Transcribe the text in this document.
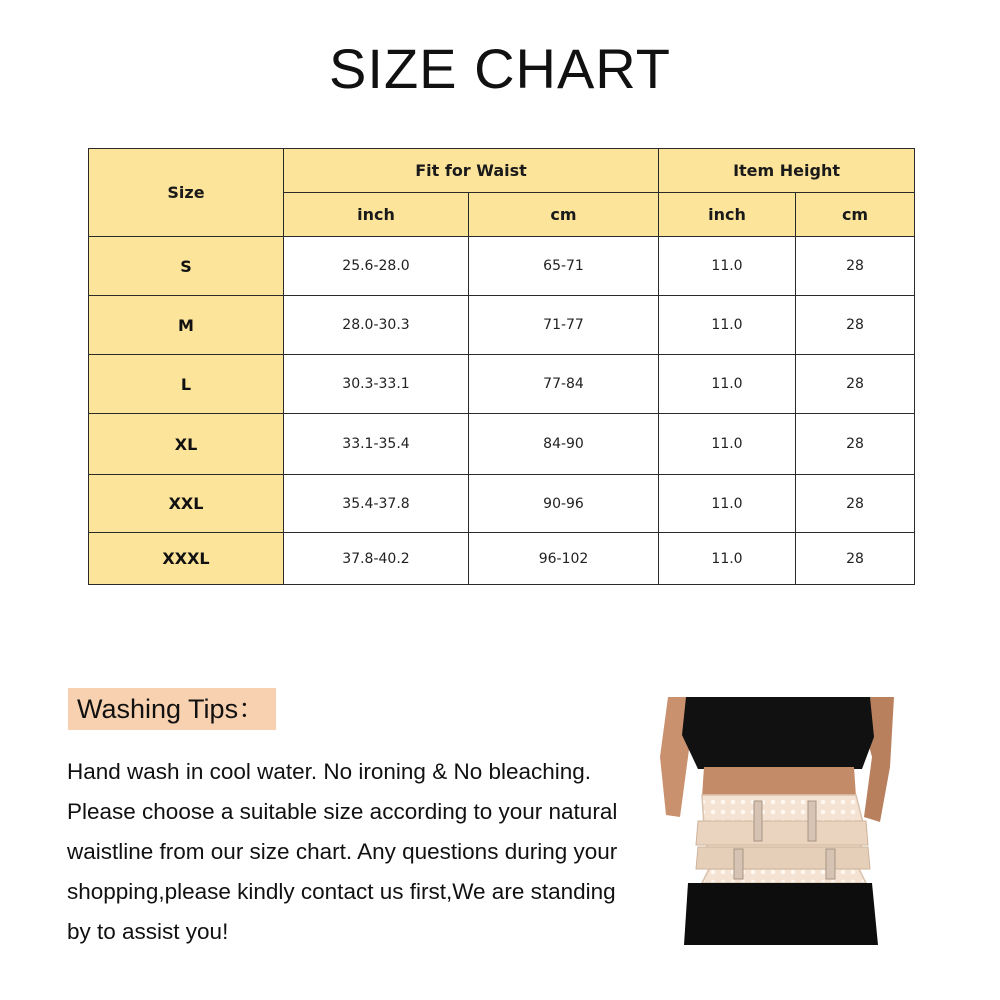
SIZE CHART
Size	Fit for Waist		Item Height	
	inch	cm	inch	cm
S	25.6-28.0	65-71	11.0	28
M	28.0-30.3	71-77	11.0	28
L	30.3-33.1	77-84	11.0	28
XL	33.1-35.4	84-90	11.0	28
XXL	35.4-37.8	90-96	11.0	28
XXXL	37.8-40.2	96-102	11.0	28
Washing Tips：
Hand wash in cool water. No ironing & No bleaching.
Please choose a suitable size according to your natural
waistline from our size chart. Any questions during your
shopping,please kindly contact us first,We are standing
by to assist you!
